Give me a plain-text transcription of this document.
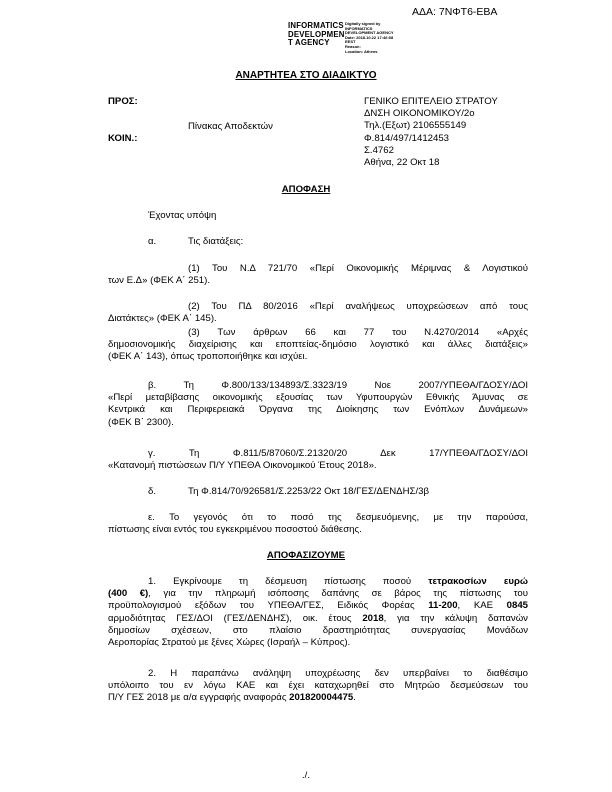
ΑΔΑ: 7ΝΦΤ6-ΕΒΑ
INFORMATICS
DEVELOPMEN
T AGENCY
Digitally signed by
INFORMATICS
DEVELOPMENT AGENCY
Date: 2018.10.22 17:46:08
EEST
Reason:
Location: Athens
ΑΝΑΡΤΗΤΕΑ ΣΤΟ ΔΙΑΔΙΚΤΥΟ
ΠΡΟΣ:
Πίνακας Αποδεκτών
ΚΟΙΝ.:
ΓΕΝΙΚΟ ΕΠΙΤΕΛΕΙΟ ΣΤΡΑΤΟΥ
ΔΝΣΗ ΟΙΚΟΝΟΜΙΚΟΥ/2ο
Τηλ.(Εξωτ) 2106555149
Φ.814/497/1412453
Σ.4762
Αθήνα, 22 Οκτ 18
ΑΠΟΦΑΣΗ
Έχοντας υπόψη
α.	Τις διατάξεις:
(1) Του Ν.Δ 721/70 «Περί Οικονομικής Μέριμνας & Λογιστικού
των Ε.Δ» (ΦΕΚ Α΄ 251).
(2) Του ΠΔ 80/2016 «Περί αναλήψεως υποχρεώσεων από τους
Διατάκτες» (ΦΕΚ Α΄ 145).
(3) Των άρθρων 66 και 77 του Ν.4270/2014 «Αρχές
δημοσιονομικής διαχείρισης και εποπτείας-δημόσιο λογιστικό και άλλες διατάξεις»
(ΦΕΚ Α΄ 143), όπως τροποποιήθηκε και ισχύει.
β. Τη Φ.800/133/134893/Σ.3323/19 Νοε 2007/ΥΠΕΘΑ/ΓΔΟΣΥ/ΔΟΙ
«Περί μεταβίβασης οικονομικής εξουσίας των Υφυπουργών Εθνικής Άμυνας σε
Κεντρικά και Περιφερειακά Όργανα της Διοίκησης των Ενόπλων Δυνάμεων»
(ΦΕΚ Β΄ 2300).
γ. Τη Φ.811/5/87060/Σ.21320/20 Δεκ 17/ΥΠΕΘΑ/ΓΔΟΣΥ/ΔΟΙ
«Κατανομή πιστώσεων Π/Υ ΥΠΕΘΑ Οικονομικού Έτους 2018».
δ.	Τη Φ.814/70/926581/Σ.2253/22 Οκτ 18/ΓΕΣ/ΔΕΝΔΗΣ/3β
ε. Το γεγονός ότι το ποσό της δεσμευόμενης, με την παρούσα,
πίστωσης είναι εντός του εγκεκριμένου ποσοστού διάθεσης.
ΑΠΟΦΑΣΙΖΟΥΜΕ
1. Εγκρίνουμε τη δέσμευση πίστωσης ποσού τετρακοσίων ευρώ
(400 €), για την πληρωμή ισόποσης δαπάνης σε βάρος της πίστωσης του
προϋπολογισμού εξόδων του ΥΠΕΘΑ/ΓΕΣ, Ειδικός Φορέας 11-200, ΚΑΕ 0845
αρμοδιότητας ΓΕΣ/ΔΟΙ (ΓΕΣ/ΔΕΝΔΗΣ), οικ. έτους 2018, για την κάλυψη δαπανών
δημοσίων σχέσεων, στο πλαίσιο δραστηριότητας συνεργασίας Μονάδων
Αεροπορίας Στρατού με ξένες Χώρες (Ισραήλ – Κύπρος).
2. Η παραπάνω ανάληψη υποχρέωσης δεν υπερβαίνει το διαθέσιμο
υπόλοιπο του εν λόγω ΚΑΕ και έχει καταχωρηθεί στο Μητρώο δεσμεύσεων του
Π/Υ ΓΕΣ 2018 με α/α εγγραφής αναφοράς 201820004475.
./.
